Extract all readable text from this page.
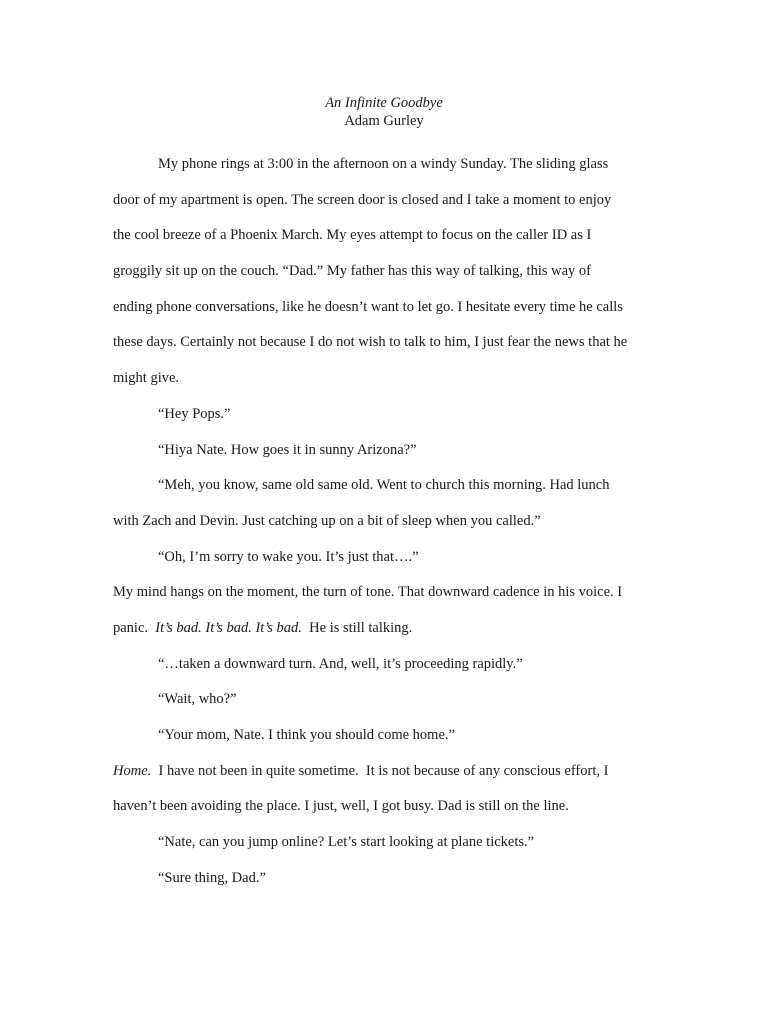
An Infinite Goodbye
Adam Gurley
My phone rings at 3:00 in the afternoon on a windy Sunday. The sliding glass
door of my apartment is open. The screen door is closed and I take a moment to enjoy
the cool breeze of a Phoenix March. My eyes attempt to focus on the caller ID as I
groggily sit up on the couch. “Dad.” My father has this way of talking, this way of
ending phone conversations, like he doesn’t want to let go. I hesitate every time he calls
these days. Certainly not because I do not wish to talk to him, I just fear the news that he
might give.
“Hey Pops.”
“Hiya Nate. How goes it in sunny Arizona?”
“Meh, you know, same old same old. Went to church this morning. Had lunch
with Zach and Devin. Just catching up on a bit of sleep when you called.”
“Oh, I’m sorry to wake you. It’s just that….”
My mind hangs on the moment, the turn of tone. That downward cadence in his voice. I
panic.  It’s bad. It’s bad. It’s bad.  He is still talking.
“…taken a downward turn. And, well, it’s proceeding rapidly.”
“Wait, who?”
“Your mom, Nate. I think you should come home.”
Home.  I have not been in quite sometime.  It is not because of any conscious effort, I
haven’t been avoiding the place. I just, well, I got busy. Dad is still on the line.
“Nate, can you jump online? Let’s start looking at plane tickets.”
“Sure thing, Dad.”
